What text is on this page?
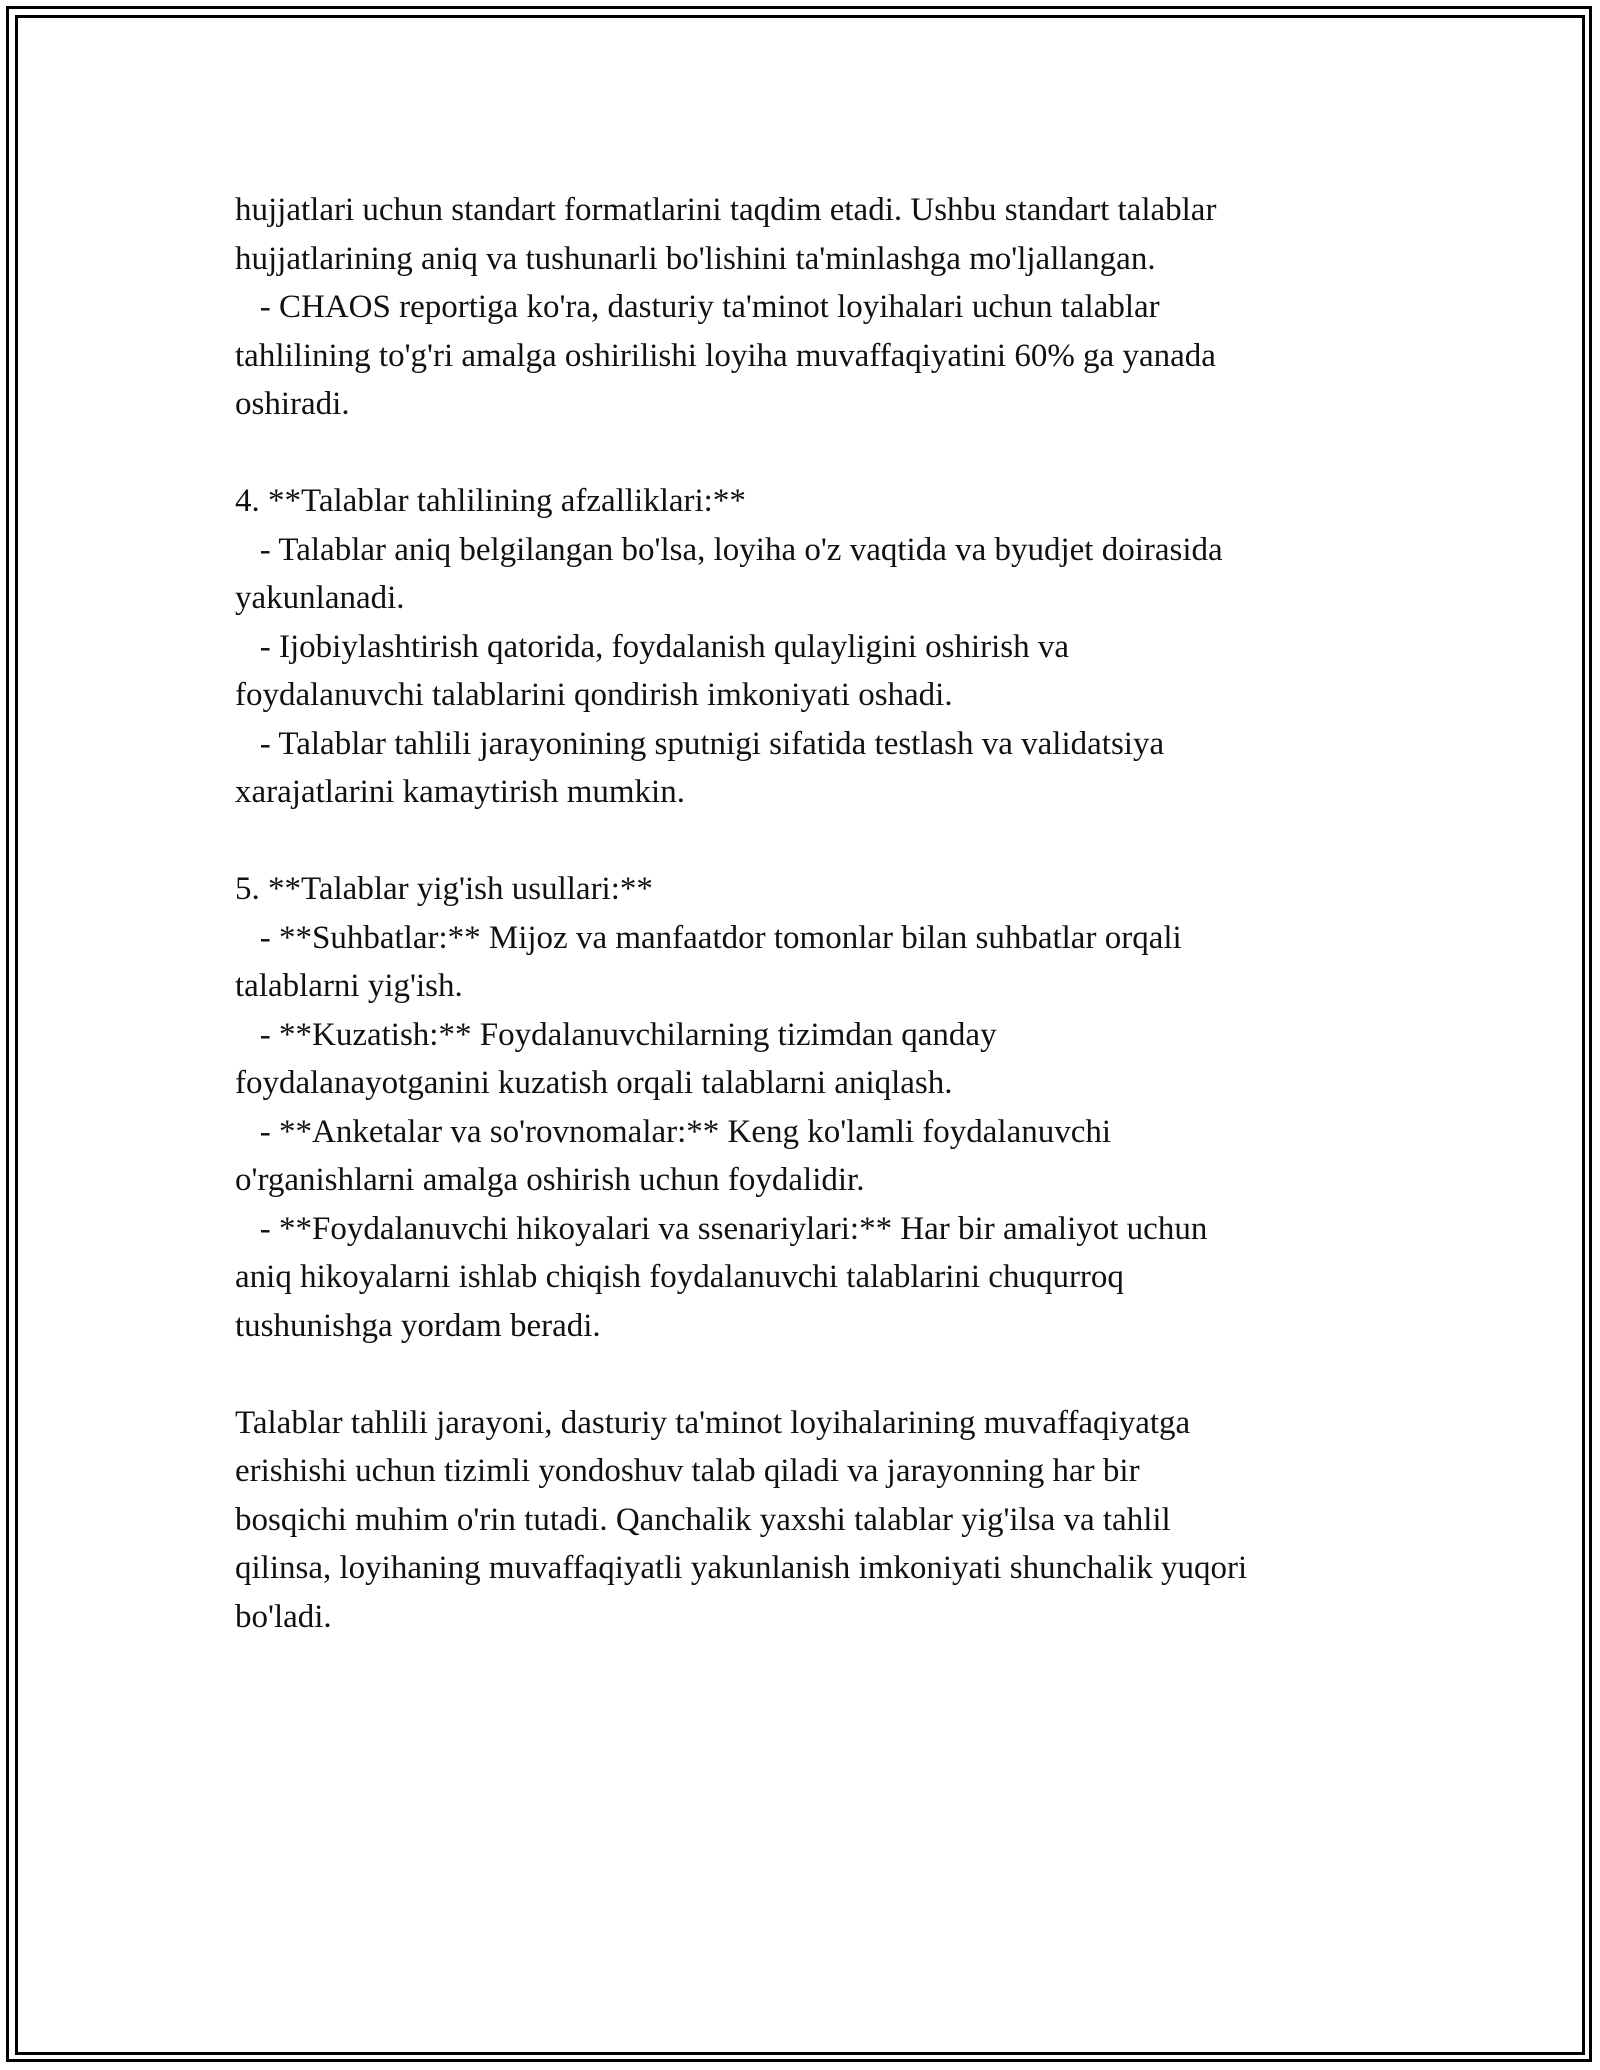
hujjatlari uchun standart formatlarini taqdim etadi. Ushbu standart talablar
hujjatlarining aniq va tushunarli bo'lishini ta'minlashga mo'ljallangan.
- CHAOS reportiga ko'ra, dasturiy ta'minot loyihalari uchun talablar
tahlilining to'g'ri amalga oshirilishi loyiha muvaffaqiyatini 60% ga yanada
oshiradi.
4. **Talablar tahlilining afzalliklari:**
- Talablar aniq belgilangan bo'lsa, loyiha o'z vaqtida va byudjet doirasida
yakunlanadi.
- Ijobiylashtirish qatorida, foydalanish qulayligini oshirish va
foydalanuvchi talablarini qondirish imkoniyati oshadi.
- Talablar tahlili jarayonining sputnigi sifatida testlash va validatsiya
xarajatlarini kamaytirish mumkin.
5. **Talablar yig'ish usullari:**
- **Suhbatlar:** Mijoz va manfaatdor tomonlar bilan suhbatlar orqali
talablarni yig'ish.
- **Kuzatish:** Foydalanuvchilarning tizimdan qanday
foydalanayotganini kuzatish orqali talablarni aniqlash.
- **Anketalar va so'rovnomalar:** Keng ko'lamli foydalanuvchi
o'rganishlarni amalga oshirish uchun foydalidir.
- **Foydalanuvchi hikoyalari va ssenariylari:** Har bir amaliyot uchun
aniq hikoyalarni ishlab chiqish foydalanuvchi talablarini chuqurroq
tushunishga yordam beradi.
Talablar tahlili jarayoni, dasturiy ta'minot loyihalarining muvaffaqiyatga
erishishi uchun tizimli yondoshuv talab qiladi va jarayonning har bir
bosqichi muhim o'rin tutadi. Qanchalik yaxshi talablar yig'ilsa va tahlil
qilinsa, loyihaning muvaffaqiyatli yakunlanish imkoniyati shunchalik yuqori
bo'ladi.
